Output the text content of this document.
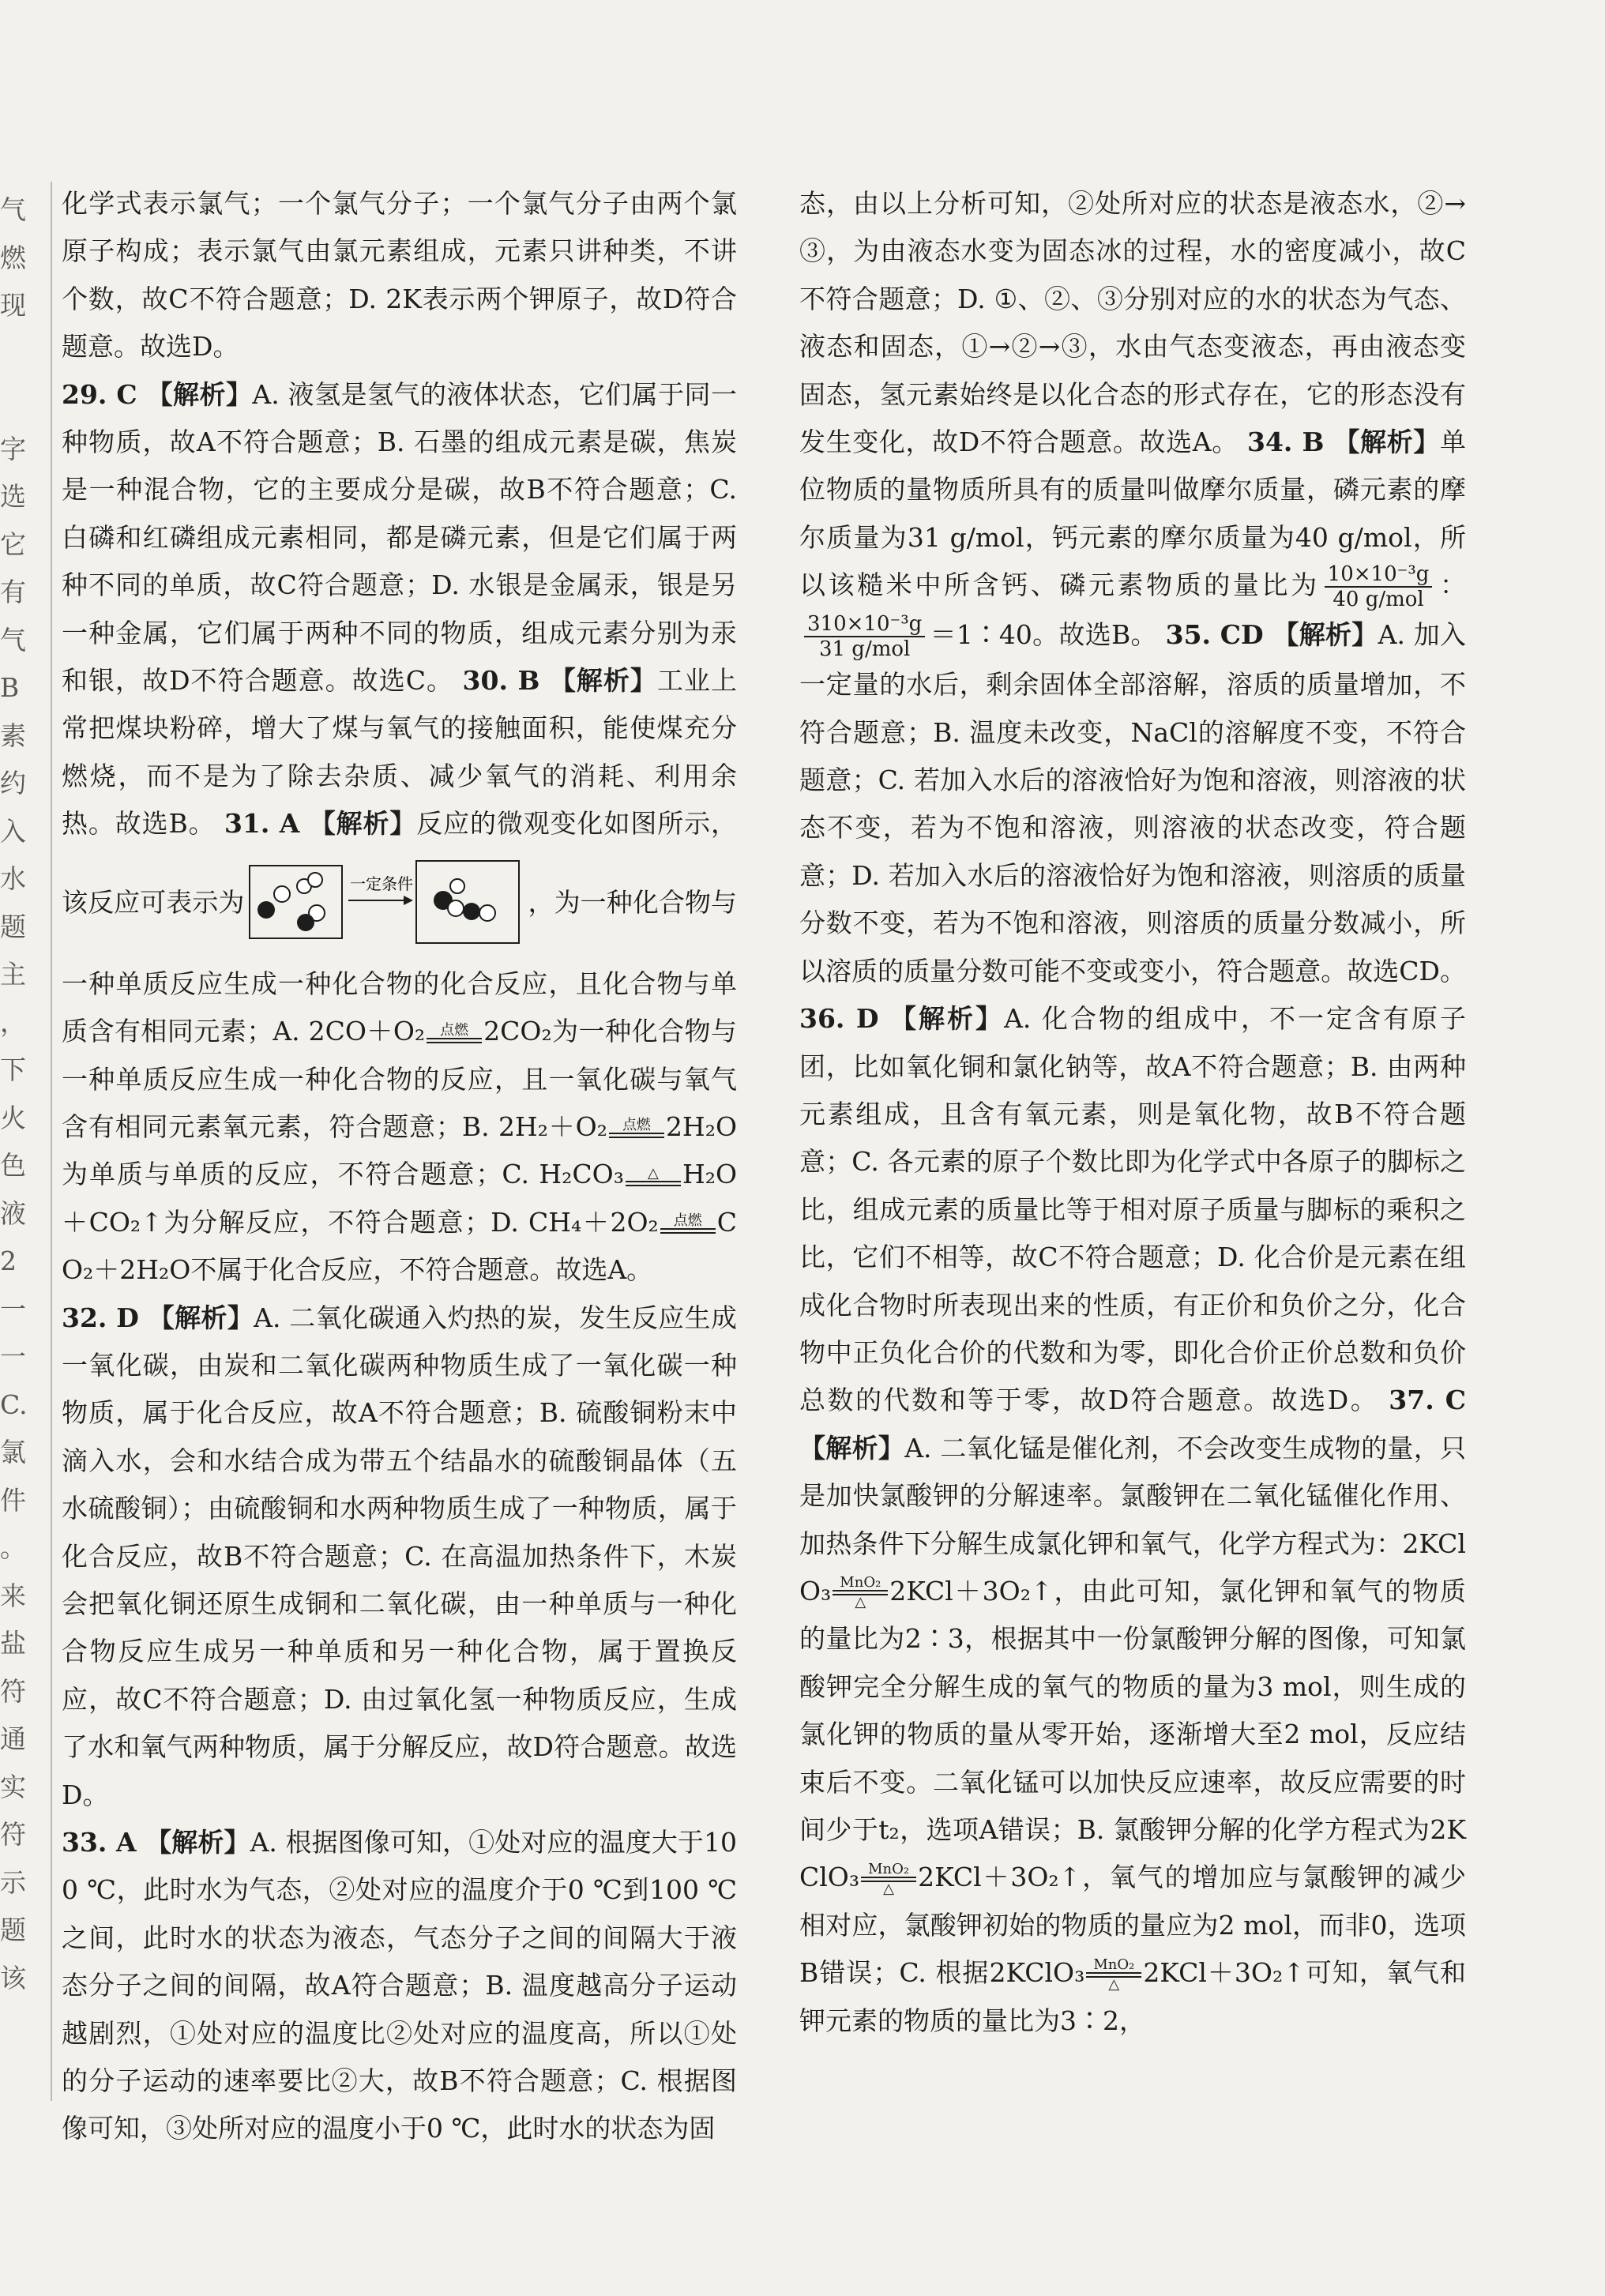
气
燃
现

字
选
它
有
气
B
素
约
入
水
题
主
，
下
火
色
液
2
一
一
C.
氯
件
。
来
盐
符
通
实
符
示
题
该

化学式表示氯气；一个氯气分子；一个氯气分子由两个氯原子构成；表示氯气由氯元素组成，元素只讲种类，不讲个数，故C不符合题意；D. 2K表示两个钾原子，故D符合题意。故选D。

29. C 【解析】A. 液氢是氢气的液体状态，它们属于同一种物质，故A不符合题意；B. 石墨的组成元素是碳，焦炭是一种混合物，它的主要成分是碳，故B不符合题意；C. 白磷和红磷组成元素相同，都是磷元素，但是它们属于两种不同的单质，故C符合题意；D. 水银是金属汞，银是另一种金属，它们属于两种不同的物质，组成元素分别为汞和银，故D不符合题意。故选C。 30. B 【解析】工业上常把煤块粉碎，增大了煤与氧气的接触面积，能使煤充分燃烧，而不是为了除去杂质、减少氧气的消耗、利用余热。故选B。 31. A 【解析】反应的微观变化如图所示，该反应可表示为
一定条件
，为一种化合物与一种单质反应生成一种化合物的化合反应，且化合物与单质含有相同元素；A. 2CO＋O₂	点燃 2CO₂为一种化合物与一种单质反应生成一种化合物的反应，且一氧化碳与氧气含有相同元素氧元素，符合题意；B. 2H₂＋O₂	点燃 2H₂O为单质与单质的反应，不符合题意；C. H₂CO₃	△ H₂O＋CO₂↑为分解反应，不符合题意；D. CH₄＋2O₂	点燃 CO₂＋2H₂O不属于化合反应，不符合题意。故选A。

32. D 【解析】A. 二氧化碳通入灼热的炭，发生反应生成一氧化碳，由炭和二氧化碳两种物质生成了一氧化碳一种物质，属于化合反应，故A不符合题意；B. 硫酸铜粉末中滴入水，会和水结合成为带五个结晶水的硫酸铜晶体（五水硫酸铜）；由硫酸铜和水两种物质生成了一种物质，属于化合反应，故B不符合题意；C. 在高温加热条件下，木炭会把氧化铜还原生成铜和二氧化碳，由一种单质与一种化合物反应生成另一种单质和另一种化合物，属于置换反应，故C不符合题意；D. 由过氧化氢一种物质反应，生成了水和氧气两种物质，属于分解反应，故D符合题意。故选D。

33. A 【解析】A. 根据图像可知，①处对应的温度大于100 ℃，此时水为气态，②处对应的温度介于0 ℃到100 ℃之间，此时水的状态为液态，气态分子之间的间隔大于液态分子之间的间隔，故A符合题意；B. 温度越高分子运动越剧烈，①处对应的温度比②处对应的温度高，所以①处的分子运动的速率要比②大，故B不符合题意；C. 根据图像可知，③处所对应的温度小于0 ℃，此时水的状态为固

态，由以上分析可知，②处所对应的状态是液态水，②→③，为由液态水变为固态冰的过程，水的密度减小，故C不符合题意；D. ①、②、③分别对应的水的状态为气态、液态和固态，①→②→③，水由气态变液态，再由液态变固态，氢元素始终是以化合态的形式存在，它的形态没有发生变化，故D不符合题意。故选A。 34. B 【解析】单位物质的量物质所具有的质量叫做摩尔质量，磷元素的摩尔质量为31 g/mol，钙元素的摩尔质量为40 g/mol，所以该糙米中所含钙、磷元素物质的量比为 $\frac{\text{10×10⁻³g}}{\text{40 g/mol}}$ ：
$\frac{\text{310×10⁻³g}}{\text{31 g/mol}}$ ＝1∶40。故选B。 35. CD 【解析】A. 加入一定量的水后，剩余固体全部溶解，溶质的质量增加，不符合题意；B. 温度未改变，NaCl的溶解度不变，不符合题意；C. 若加入水后的溶液恰好为饱和溶液，则溶液的状态不变，若为不饱和溶液，则溶液的状态改变，符合题意；D. 若加入水后的溶液恰好为饱和溶液，则溶质的质量分数不变，若为不饱和溶液，则溶质的质量分数减小，所以溶质的质量分数可能不变或变小，符合题意。故选CD。 36. D 【解析】A. 化合物的组成中，不一定含有原子团，比如氧化铜和氯化钠等，故A不符合题意；B. 由两种元素组成，且含有氧元素，则是氧化物，故B不符合题意；C. 各元素的原子个数比即为化学式中各原子的脚标之比，组成元素的质量比等于相对原子质量与脚标的乘积之比，它们不相等，故C不符合题意；D. 化合价是元素在组成化合物时所表现出来的性质，有正价和负价之分，化合物中正负化合价的代数和为零，即化合价正价总数和负价总数的代数和等于零，故D符合题意。故选D。 37. C 【解析】A. 二氧化锰是催化剂，不会改变生成物的量，只是加快氯酸钾的分解速率。氯酸钾在二氧化锰催化作用、加热条件下分解生成氯化钾和氧气，化学方程式为：2KClO₃ MnO₂
△ 2KCl＋3O₂↑，由此可知，氯化钾和氧气的物质的量比为2∶3，根据其中一份氯酸钾分解的图像，可知氯酸钾完全分解生成的氧气的物质的量为3 mol，则生成的氯化钾的物质的量从零开始，逐渐增大至2 mol，反应结束后不变。二氧化锰可以加快反应速率，故反应需要的时间少于t₂，选项A错误；B. 氯酸钾分解的化学方程式为2KClO₃ MnO₂
△ 2KCl＋3O₂↑，氧气的增加应与氯酸钾的减少相对应，氯酸钾初始的物质的量应为2 mol，而非0，选项B错误；C. 根据2KClO₃ MnO₂
△ 2KCl＋3O₂↑可知，氧气和钾元素的物质的量比为3∶2，
